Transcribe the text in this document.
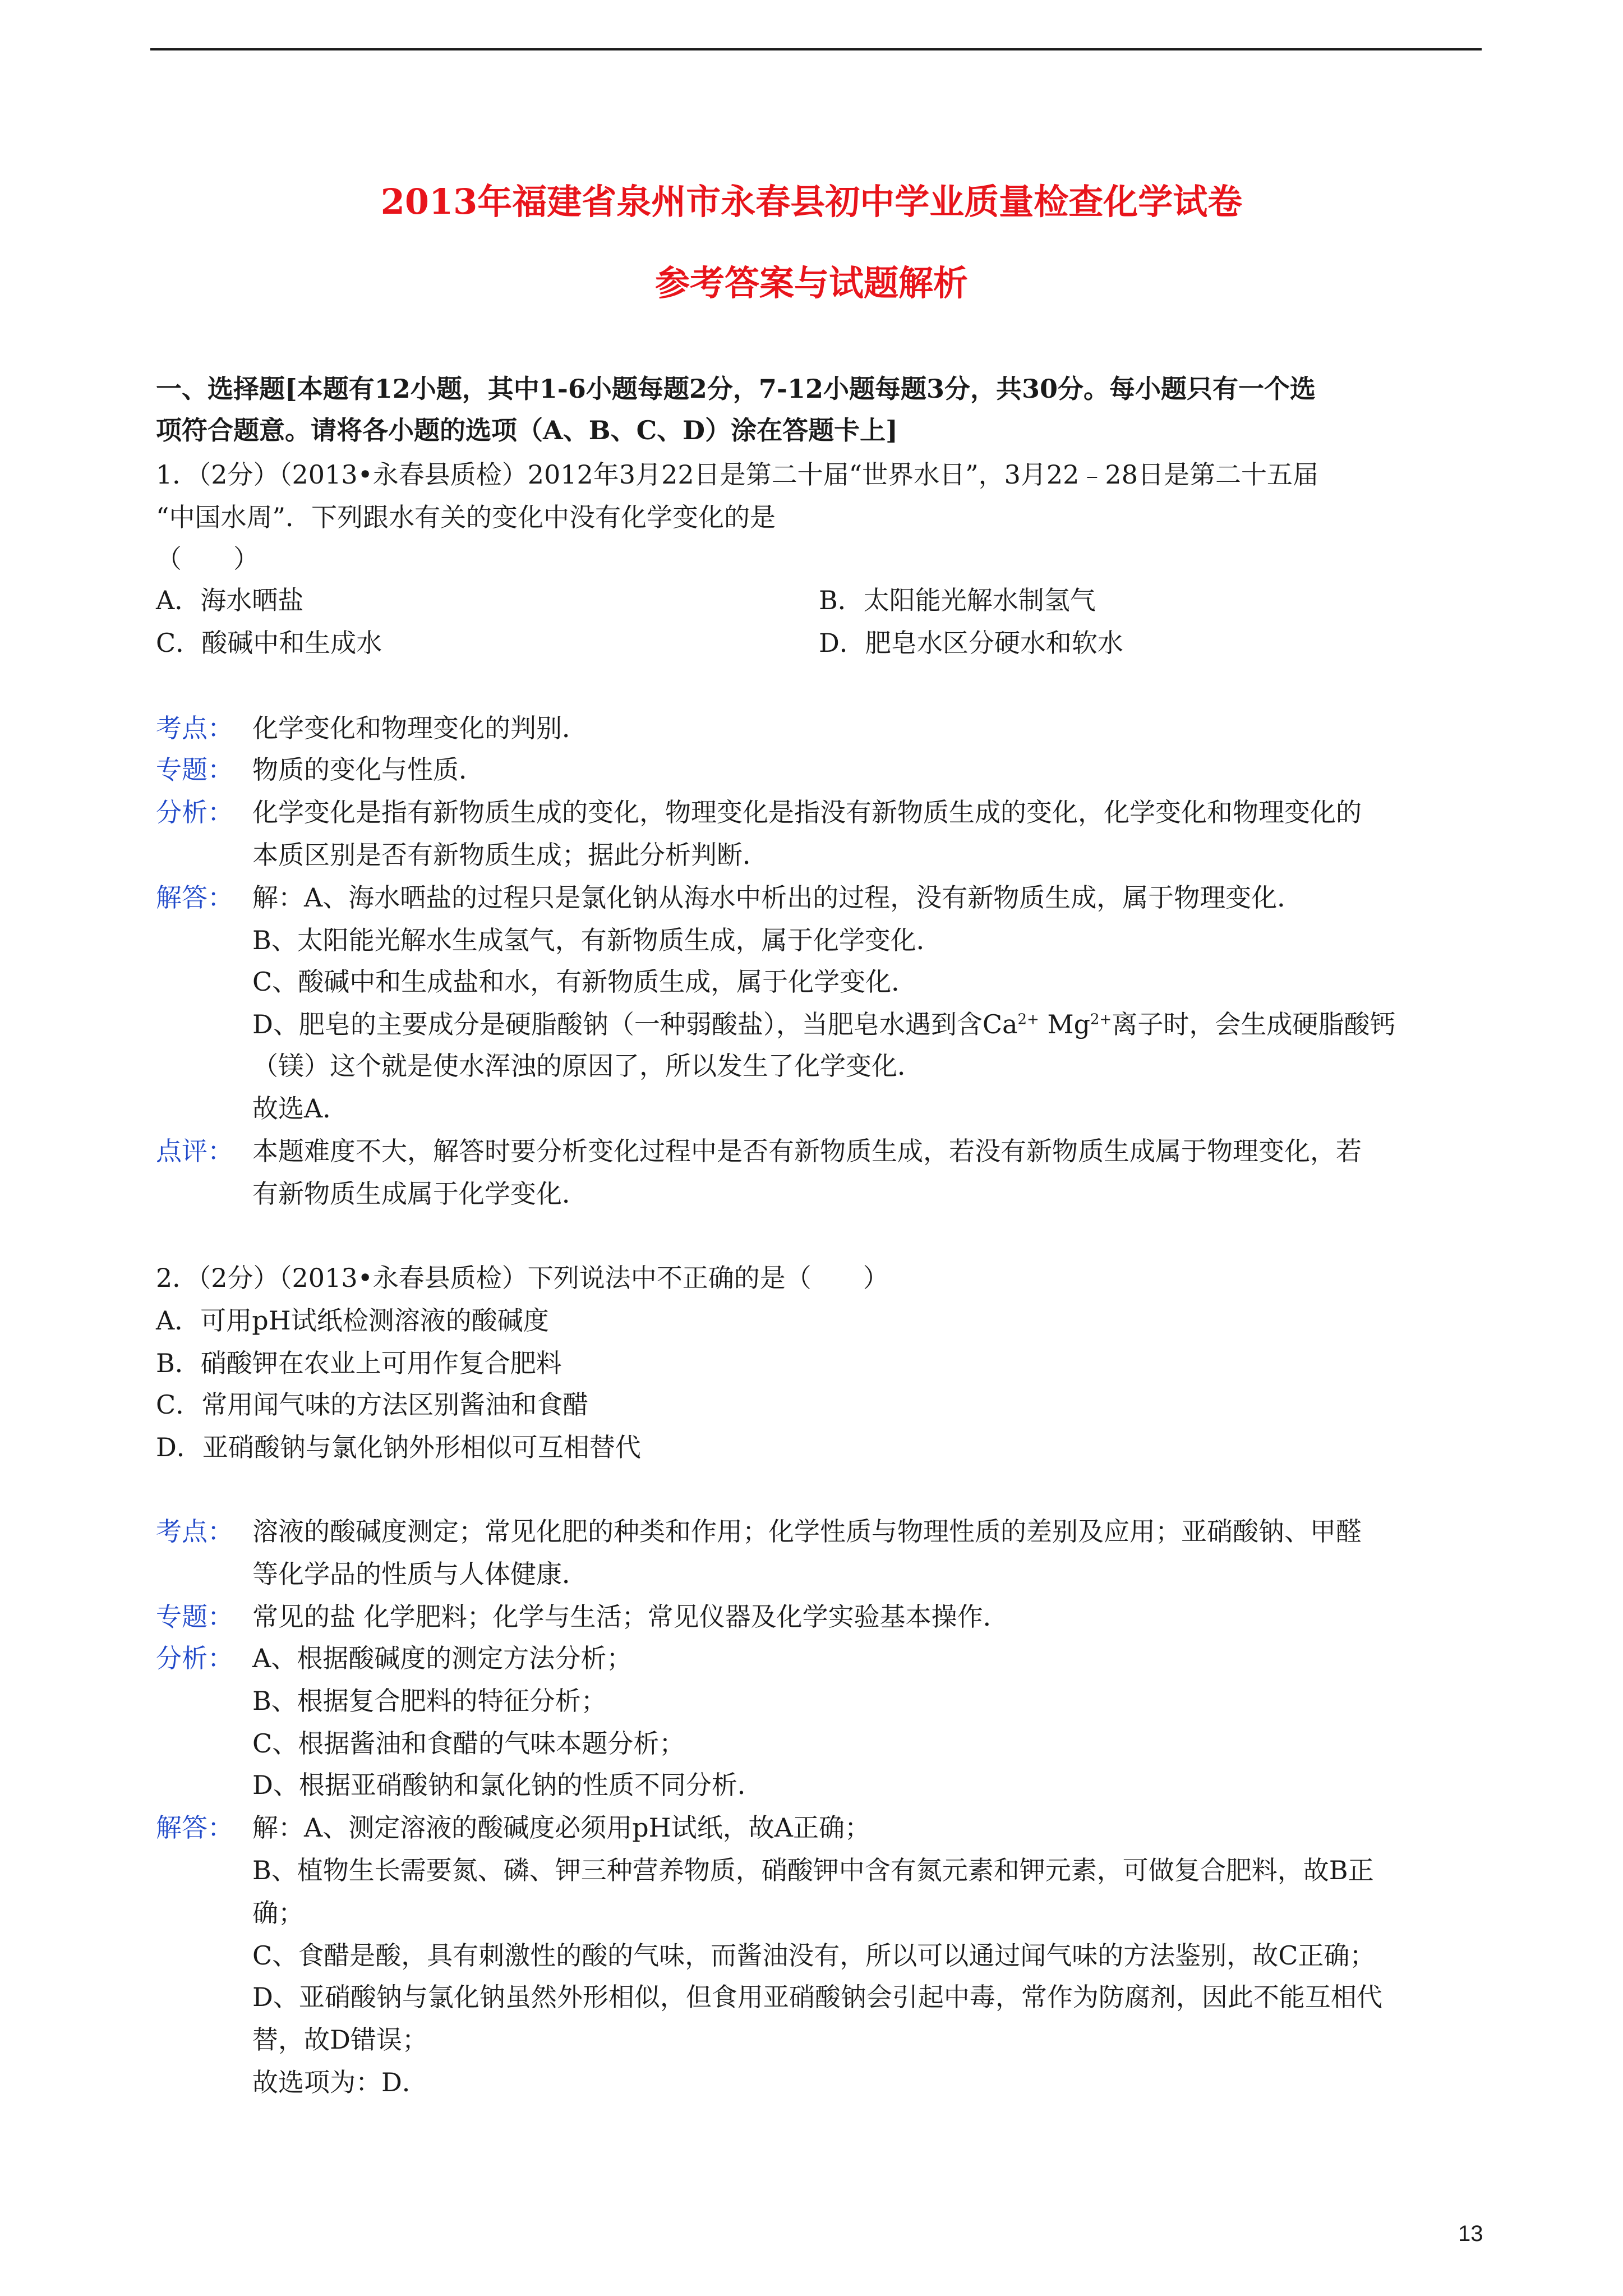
2013年福建省泉州市永春县初中学业质量检查化学试卷
参考答案与试题解析
一、选择题[本题有12小题，其中1-6小题每题2分，7-12小题每题3分，共30分。每小题只有一个选
项符合题意。请将各小题的选项（A、B、C、D）涂在答题卡上]
1．（2分）（2013•永春县质检）2012年3月22日是第二十届“世界水日”，3月22﹣28日是第二十五届
“中国水周”．下列跟水有关的变化中没有化学变化的是
（　　）
A．海水晒盐	B．太阳能光解水制氢气
C．酸碱中和生成水	D．肥皂水区分硬水和软水
考点： 化学变化和物理变化的判别．
专题： 物质的变化与性质．
分析： 化学变化是指有新物质生成的变化，物理变化是指没有新物质生成的变化，化学变化和物理变化的
本质区别是否有新物质生成；据此分析判断．
解答： 解：A、海水晒盐的过程只是氯化钠从海水中析出的过程，没有新物质生成，属于物理变化．
B、太阳能光解水生成氢气，有新物质生成，属于化学变化．
C、酸碱中和生成盐和水，有新物质生成，属于化学变化．
D、肥皂的主要成分是硬脂酸钠（一种弱酸盐），当肥皂水遇到含$Ca^{2+}$ $Mg^{2+}$离子时，会生成硬脂酸钙
（镁）这个就是使水浑浊的原因了，所以发生了化学变化．
故选A．
点评： 本题难度不大，解答时要分析变化过程中是否有新物质生成，若没有新物质生成属于物理变化，若
有新物质生成属于化学变化．
2．（2分）（2013•永春县质检）下列说法中不正确的是（　　）
A．可用pH试纸检测溶液的酸碱度
B．硝酸钾在农业上可用作复合肥料
C．常用闻气味的方法区别酱油和食醋
D．亚硝酸钠与氯化钠外形相似可互相替代
考点： 溶液的酸碱度测定；常见化肥的种类和作用；化学性质与物理性质的差别及应用；亚硝酸钠、甲醛
等化学品的性质与人体健康．
专题： 常见的盐 化学肥料；化学与生活；常见仪器及化学实验基本操作．
分析： A、根据酸碱度的测定方法分析；
B、根据复合肥料的特征分析；
C、根据酱油和食醋的气味本题分析；
D、根据亚硝酸钠和氯化钠的性质不同分析．
解答： 解：A、测定溶液的酸碱度必须用pH试纸，故A正确；
B、植物生长需要氮、磷、钾三种营养物质，硝酸钾中含有氮元素和钾元素，可做复合肥料，故B正
确；
C、食醋是酸，具有刺激性的酸的气味，而酱油没有，所以可以通过闻气味的方法鉴别，故C正确；
D、亚硝酸钠与氯化钠虽然外形相似，但食用亚硝酸钠会引起中毒，常作为防腐剂，因此不能互相代
替，故D错误；
故选项为：D．
13
